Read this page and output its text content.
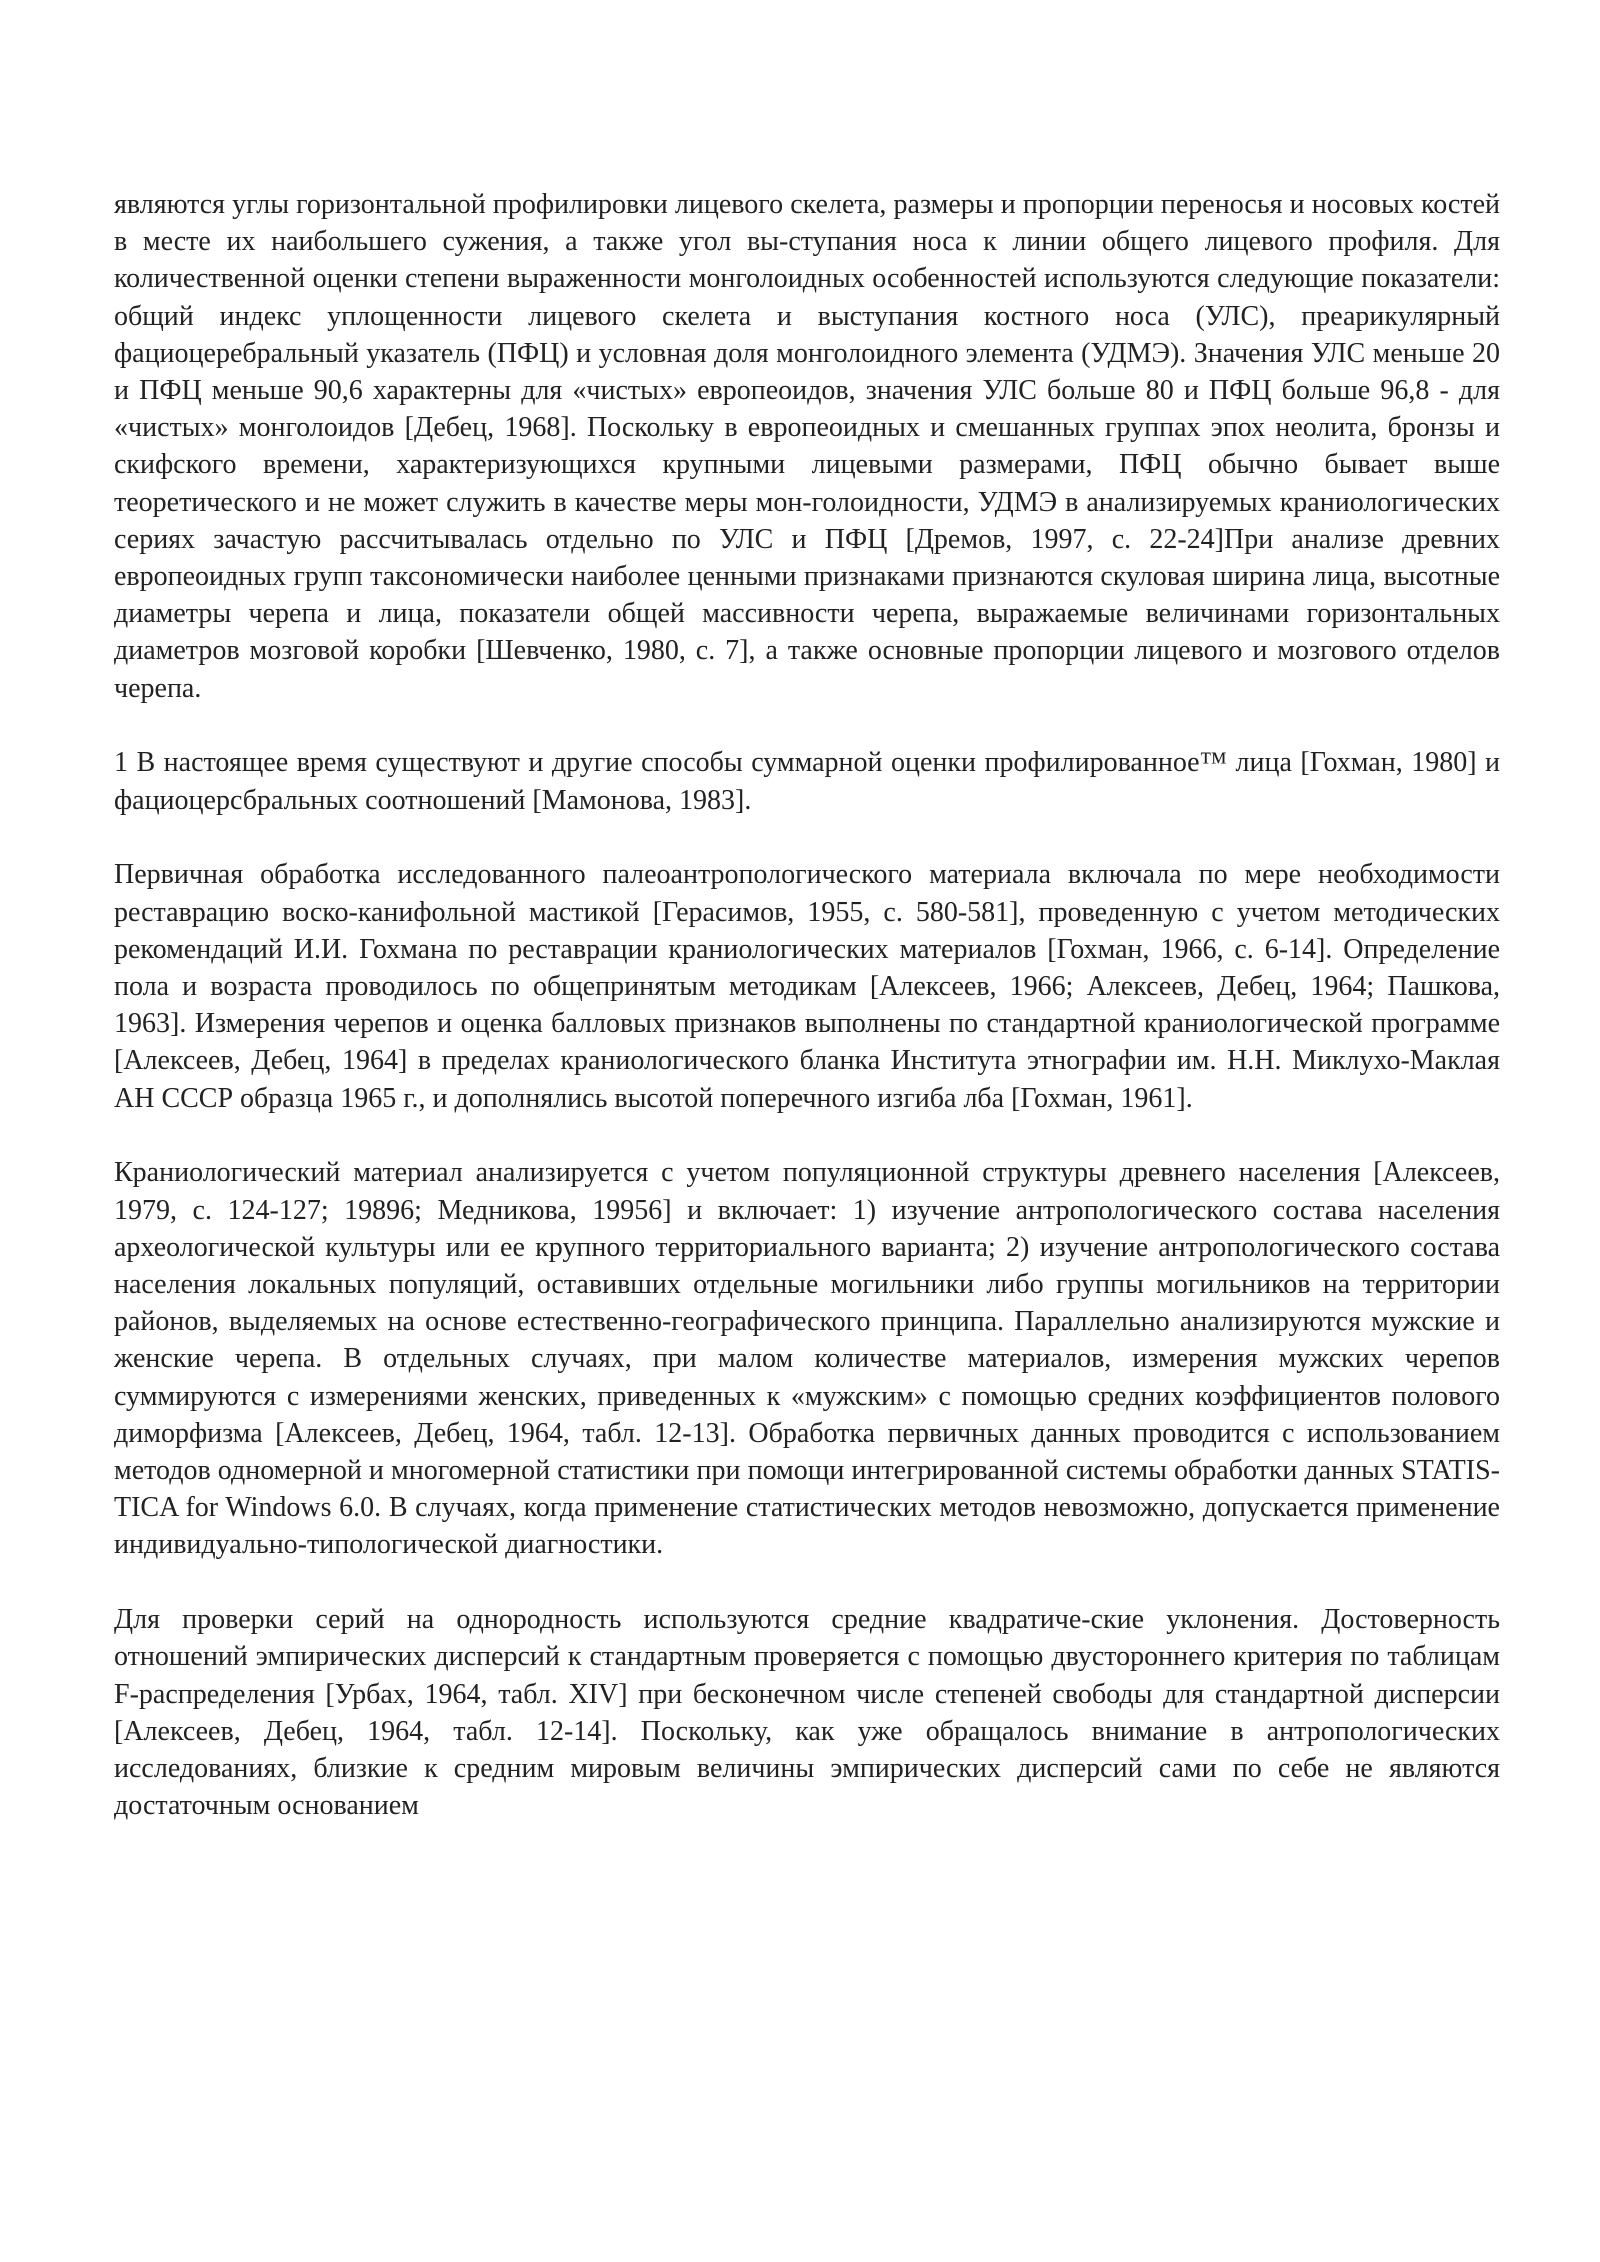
являются углы горизонтальной профилировки лицевого скелета, размеры и пропорции переносья и носовых костей в месте их наибольшего сужения, а также угол вы-ступания носа к линии общего лицевого профиля. Для количественной оценки степени выраженности монголоидных особенностей используются следующие показатели: общий индекс уплощенности лицевого скелета и выступания костного носа (УЛС), преарикулярный фациоцеребральный указатель (ПФЦ) и условная доля монголоидного элемента (УДМЭ). Значения УЛС меньше 20 и ПФЦ меньше 90,6 характерны для «чистых» европеоидов, значения УЛС больше 80 и ПФЦ больше 96,8 - для «чистых» монголоидов [Дебец, 1968]. Поскольку в европеоидных и смешанных группах эпох неолита, бронзы и скифского времени, характеризующихся крупными лицевыми размерами, ПФЦ обычно бывает выше теоретического и не может служить в качестве меры мон-голоидности, УДМЭ в анализируемых краниологических сериях зачастую рассчитывалась отдельно по УЛС и ПФЦ [Дремов, 1997, с. 22-24]При анализе древних европеоидных групп таксономически наиболее ценными признаками признаются скуловая ширина лица, высотные диаметры черепа и лица, показатели общей массивности черепа, выражаемые величинами горизонтальных диаметров мозговой коробки [Шевченко, 1980, с. 7], а также основные пропорции лицевого и мозгового отделов черепа.

1 В настоящее время существуют и другие способы суммарной оценки профилированное™ лица [Гохман, 1980] и фациоцерсбральных соотношений [Мамонова, 1983].

Первичная обработка исследованного палеоантропологического материала включала по мере необходимости реставрацию воско-канифольной мастикой [Герасимов, 1955, с. 580-581], проведенную с учетом методических рекомендаций И.И. Гохмана по реставрации краниологических материалов [Гохман, 1966, с. 6-14]. Определение пола и возраста проводилось по общепринятым методикам [Алексеев, 1966; Алексеев, Дебец, 1964; Пашкова, 1963]. Измерения черепов и оценка балловых признаков выполнены по стандартной краниологической программе [Алексеев, Дебец, 1964] в пределах краниологического бланка Института этнографии им. Н.Н. Миклухо-Маклая АН СССР образца 1965 г., и дополнялись высотой поперечного изгиба лба [Гохман, 1961].

Краниологический материал анализируется с учетом популяционной структуры древнего населения [Алексеев, 1979, с. 124-127; 19896; Медникова, 19956] и включает: 1) изучение антропологического состава населения археологической культуры или ее крупного территориального варианта; 2) изучение антропологического состава населения локальных популяций, оставивших отдельные могильники либо группы могильников на территории районов, выделяемых на основе естественно-географического принципа. Параллельно анализируются мужские и женские черепа. В отдельных случаях, при малом количестве материалов, измерения мужских черепов суммируются с измерениями женских, приведенных к «мужским» с помощью средних коэффициентов полового диморфизма [Алексеев, Дебец, 1964, табл. 12-13]. Обработка первичных данных проводится с использованием методов одномерной и многомерной статистики при помощи интегрированной системы обработки данных STATIS-TICA for Windows 6.0. В случаях, когда применение статистических методов невозможно, допускается применение индивидуально-типологической диагностики.

Для проверки серий на однородность используются средние квадратиче-ские уклонения. Достоверность отношений эмпирических дисперсий к стандартным проверяется с помощью двустороннего критерия по таблицам F-распределения [Урбах, 1964, табл. XIV] при бесконечном числе степеней свободы для стандартной дисперсии [Алексеев, Дебец, 1964, табл. 12-14]. Поскольку, как уже обращалось внимание в антропологических исследованиях, близкие к средним мировым величины эмпирических дисперсий сами по себе не являются достаточным основанием
